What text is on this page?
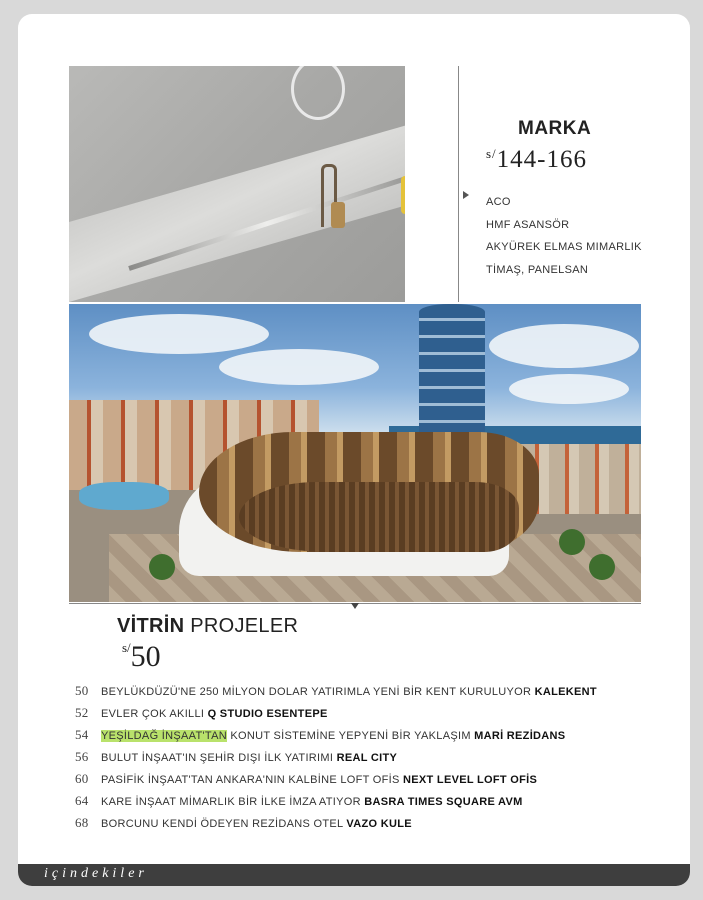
MARKA
$^{s/}$144-166
ACO
HMF ASANSÖR
AKYÜREK ELMAS MIMARLIK
TİMAŞ, PANELSAN
VİTRİN PROJELER
$^{s/}$50
50 BEYLÜKDÜZÜ'NE 250 MİLYON DOLAR YATIRIMLA YENİ BİR KENT KURULUYOR KALEKENT
52 EVLER ÇOK AKILLI Q STUDIO ESENTEPE
54 YEŞİLDAĞ İNŞAAT'TAN KONUT SİSTEMİNE YEPYENİ BİR YAKLAŞIM MARİ REZİDANS
56 BULUT İNŞAAT'IN ŞEHİR DIŞI İLK YATIRIMI REAL CITY
60 PASİFİK İNŞAAT'TAN ANKARA'NIN KALBİNE LOFT OFİS NEXT LEVEL LOFT OFİS
64 KARE İNŞAAT MİMARLIK BİR İLKE İMZA ATIYOR BASRA TIMES SQUARE AVM
68 BORCUNU KENDİ ÖDEYEN REZİDANS OTEL VAZO KULE
içindekiler
